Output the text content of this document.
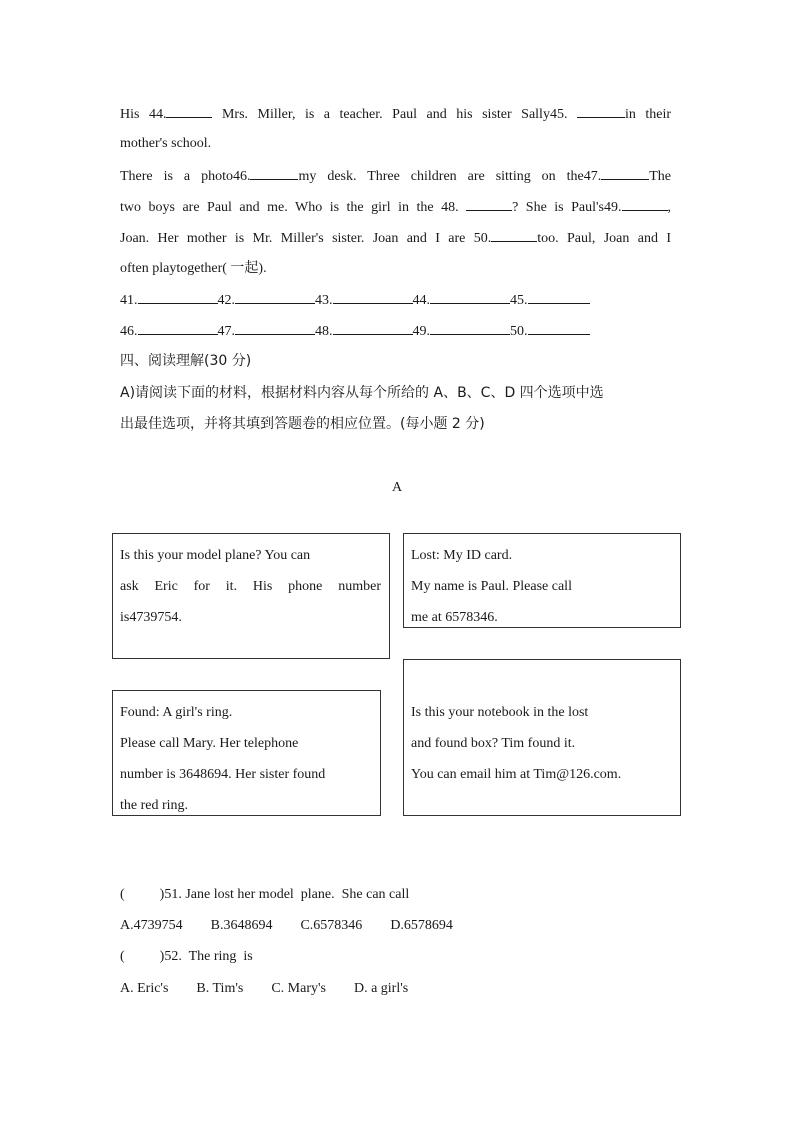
His 44.	Mrs. Miller, is a teacher. Paul and his sister Sally45.	in their
mother's school.
There is a photo46.	my desk. Three children are sitting on the47.	The
two boys are Paul and me. Who is the girl in the 48.	? She is Paul's49.	,
Joan. Her mother is Mr. Miller's sister. Joan and I are 50.	too. Paul, Joan and I
often playtogether( 一起).
41.	42.	43.	44.	45.
46.	47.	48.	49.	50.
四、阅读理解(30 分)
A)请阅读下面的材料，根据材料内容从每个所给的 A、B、C、D 四个选项中选
出最佳选项，并将其填到答题卷的相应位置。(每小题 2 分)
A
Is this your model plane? You can
ask Eric for it. His phone number
is4739754.
Lost: My ID card.
My name is Paul. Please call
me at 6578346.
Is this your notebook in the lost
and found box? Tim found it.
You can email him at Tim@126.com.
Found: A girl's ring.
Please call Mary. Her telephone
number is 3648694. Her sister found
the red ring.
(          )51. Jane lost her model  plane.  She can call
A.4739754 B.3648694 C.6578346 D.6578694
(          )52.  The ring  is
A. Eric's B. Tim's C. Mary's D. a girl's
